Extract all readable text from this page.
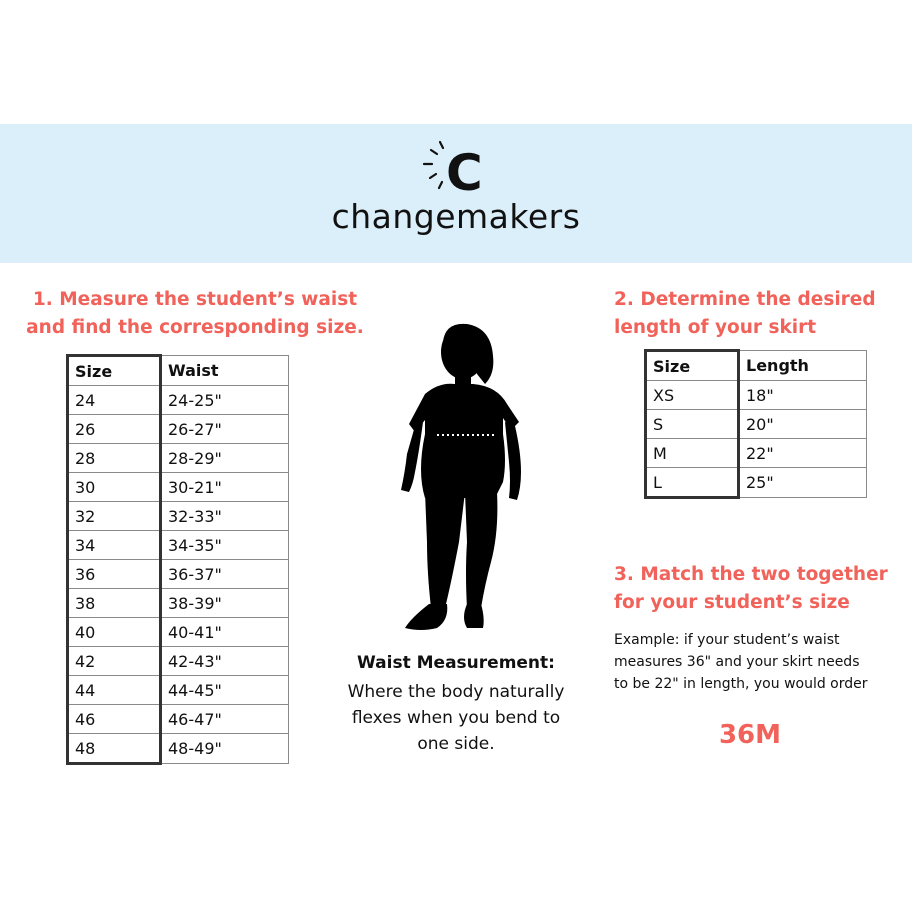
C
changemakers
1. Measure the student’s waist
and find the corresponding size.
Size	Waist
24	24-25"
26	26-27"
28	28-29"
30	30-21"
32	32-33"
34	34-35"
36	36-37"
38	38-39"
40	40-41"
42	42-43"
44	44-45"
46	46-47"
48	48-49"
Waist Measurement:
Where the body naturally
flexes when you bend to
one side.
2. Determine the desired
length of your skirt
Size	Length
XS	18"
S	20"
M	22"
L	25"
3. Match the two together
for your student’s size
Example: if your student’s waist
measures 36" and your skirt needs
to be 22" in length, you would order
36M
